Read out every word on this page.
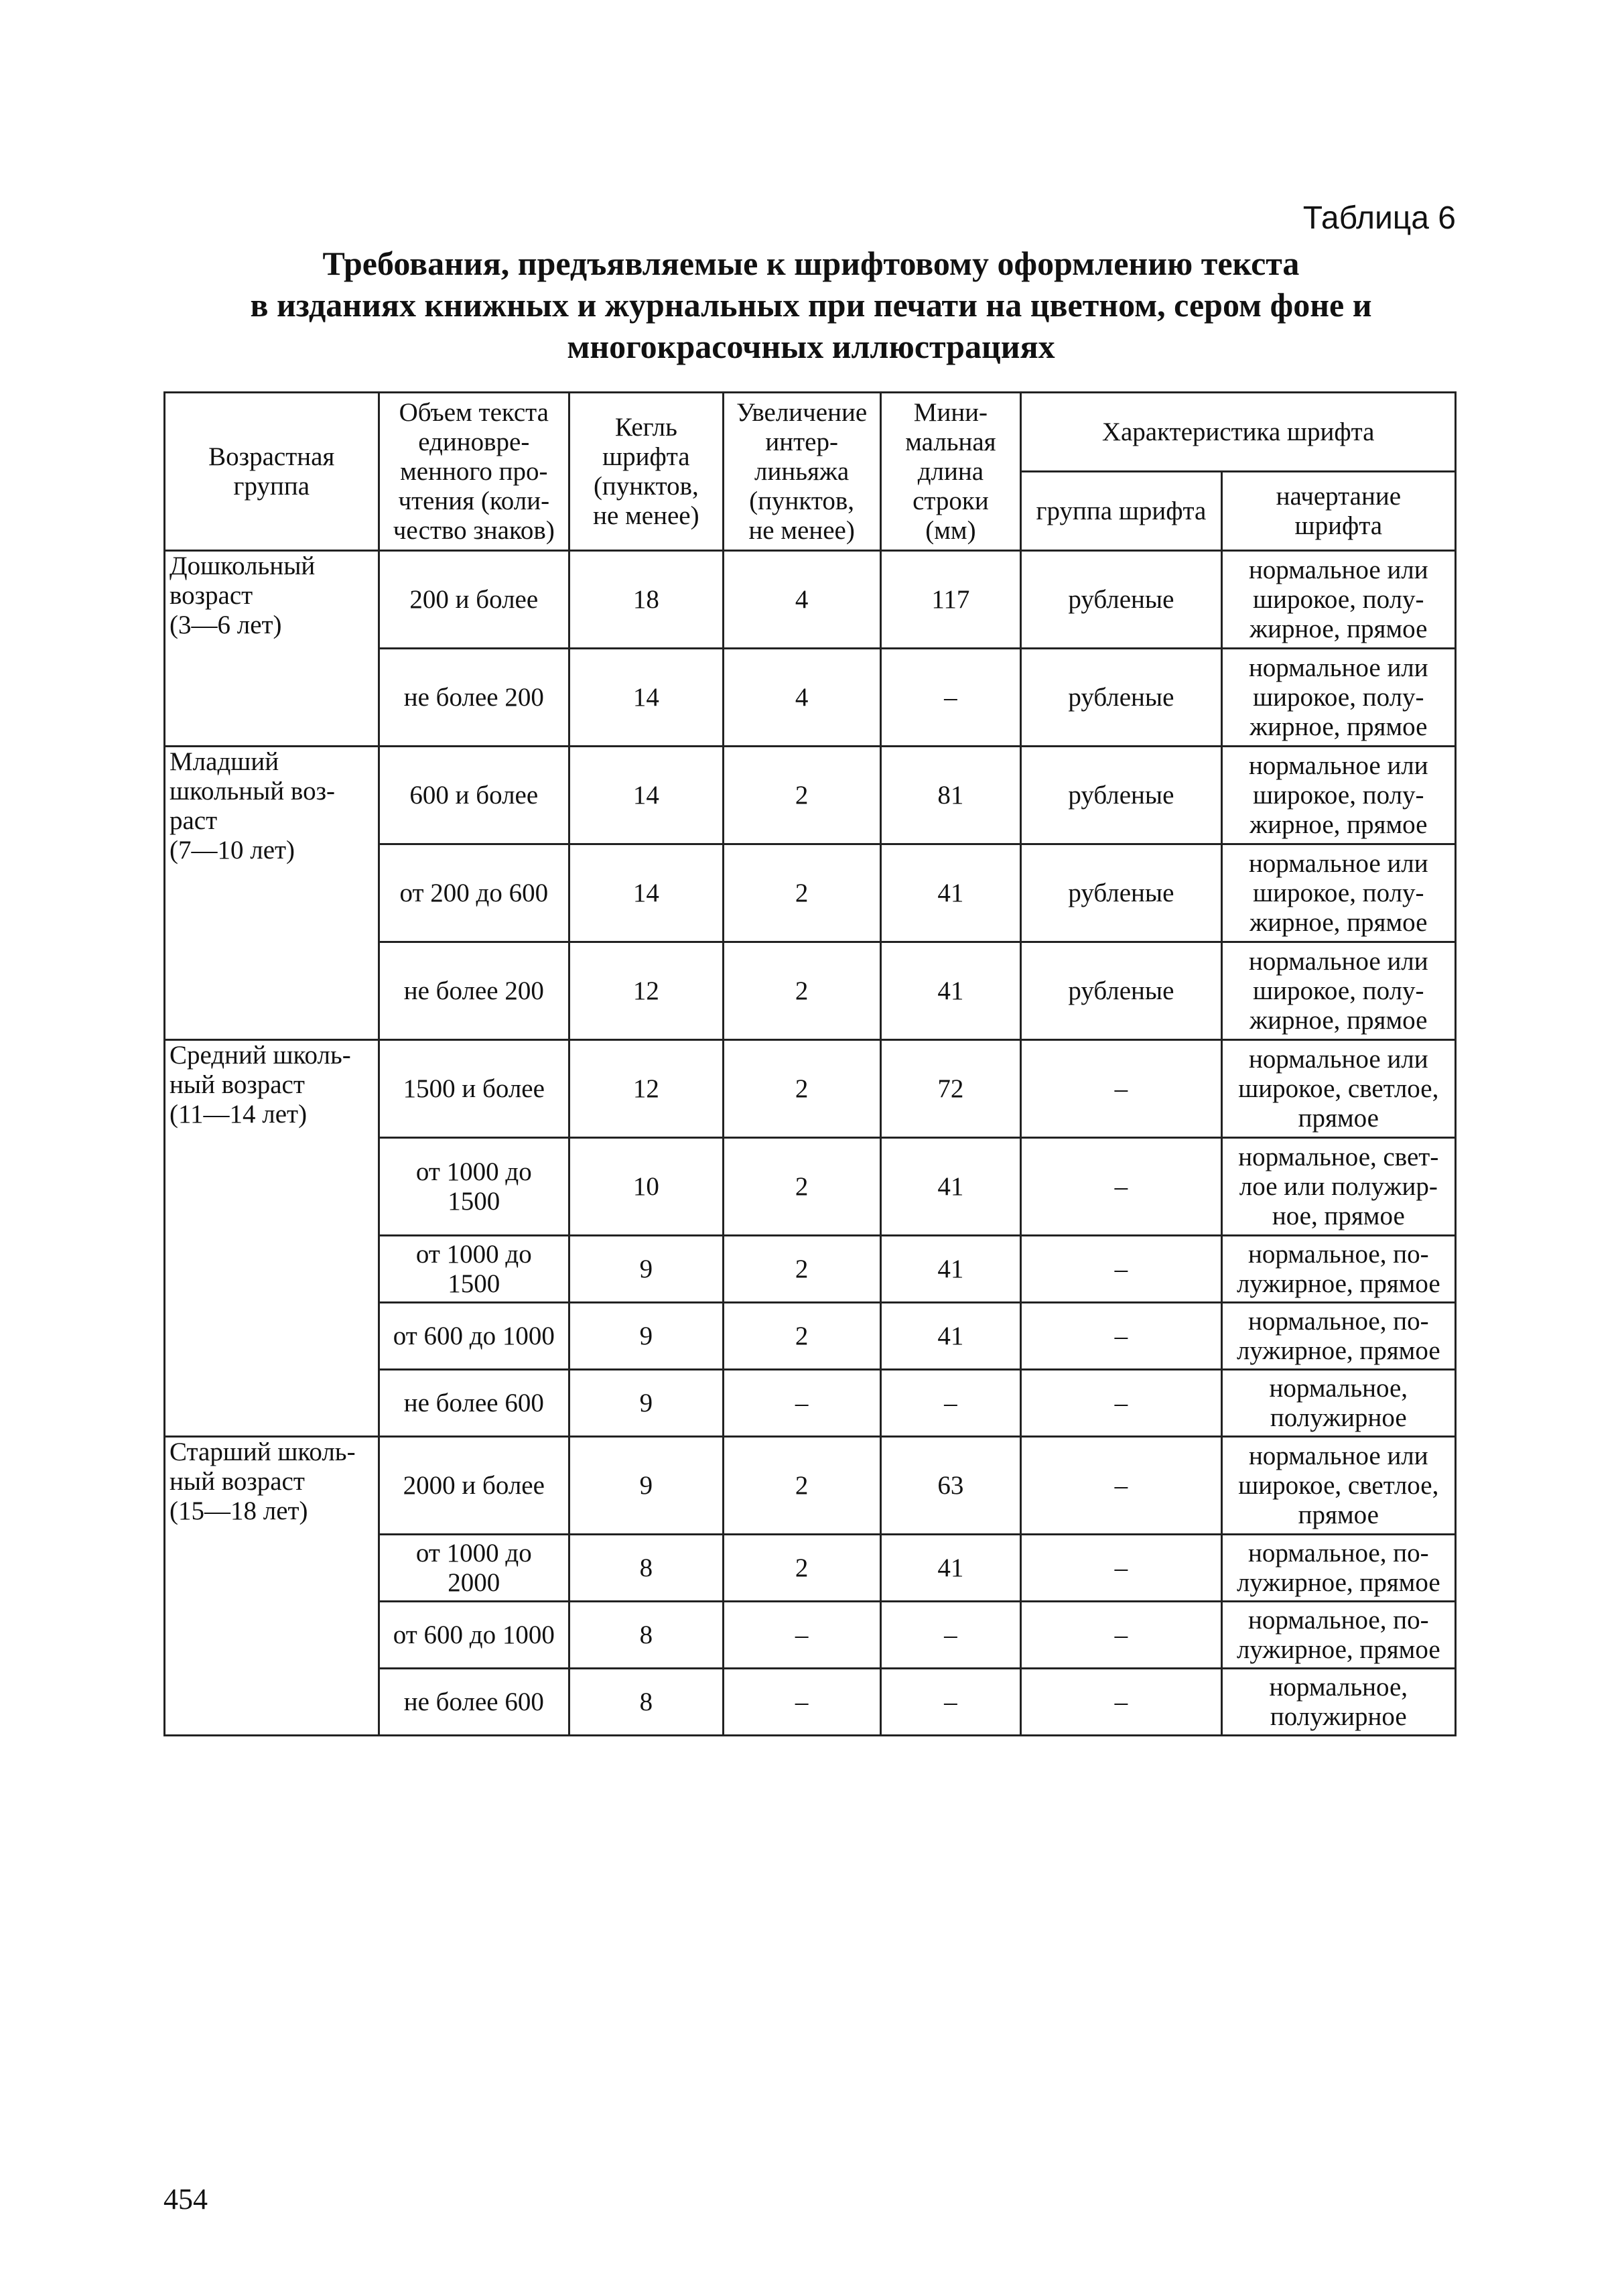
Таблица 6
Требования, предъявляемые к шрифтовому оформлению текста
в изданиях книжных и журнальных при печати на цветном, сером фоне и
многокрасочных иллюстрациях
Возрастная
группа	Объем текста
единовре-
менного про-
чтения (коли-
чество знаков)	Кегль
шрифта
(пунктов,
не менее)	Увеличение
интер-
линьяжа
(пунктов,
не менее)	Мини-
мальная
длина
строки
(мм)	Характеристика шрифта	
					группа шрифта	начертание
шрифта
Дошкольный
возраст
(3—6 лет)	200 и более	18	4	117	рубленые	нормальное или
широкое, полу-
жирное, прямое
	не более 200	14	4	–	рубленые	нормальное или
широкое, полу-
жирное, прямое
Младший
школьный воз-
раст
(7—10 лет)	600 и более	14	2	81	рубленые	нормальное или
широкое, полу-
жирное, прямое
	от 200 до 600	14	2	41	рубленые	нормальное или
широкое, полу-
жирное, прямое
	не более 200	12	2	41	рубленые	нормальное или
широкое, полу-
жирное, прямое
Средний школь-
ный возраст
(11—14 лет)	1500 и более	12	2	72	–	нормальное или
широкое, светлое,
прямое
	от 1000 до
1500	10	2	41	–	нормальное, свет-
лое или полужир-
ное, прямое
	от 1000 до
1500	9	2	41	–	нормальное, по-
лужирное, прямое
	от 600 до 1000	9	2	41	–	нормальное, по-
лужирное, прямое
	не более 600	9	–	–	–	нормальное,
полужирное
Старший школь-
ный возраст
(15—18 лет)	2000 и более	9	2	63	–	нормальное или
широкое, светлое,
прямое
	от 1000 до
2000	8	2	41	–	нормальное, по-
лужирное, прямое
	от 600 до 1000	8	–	–	–	нормальное, по-
лужирное, прямое
	не более 600	8	–	–	–	нормальное,
полужирное
454
